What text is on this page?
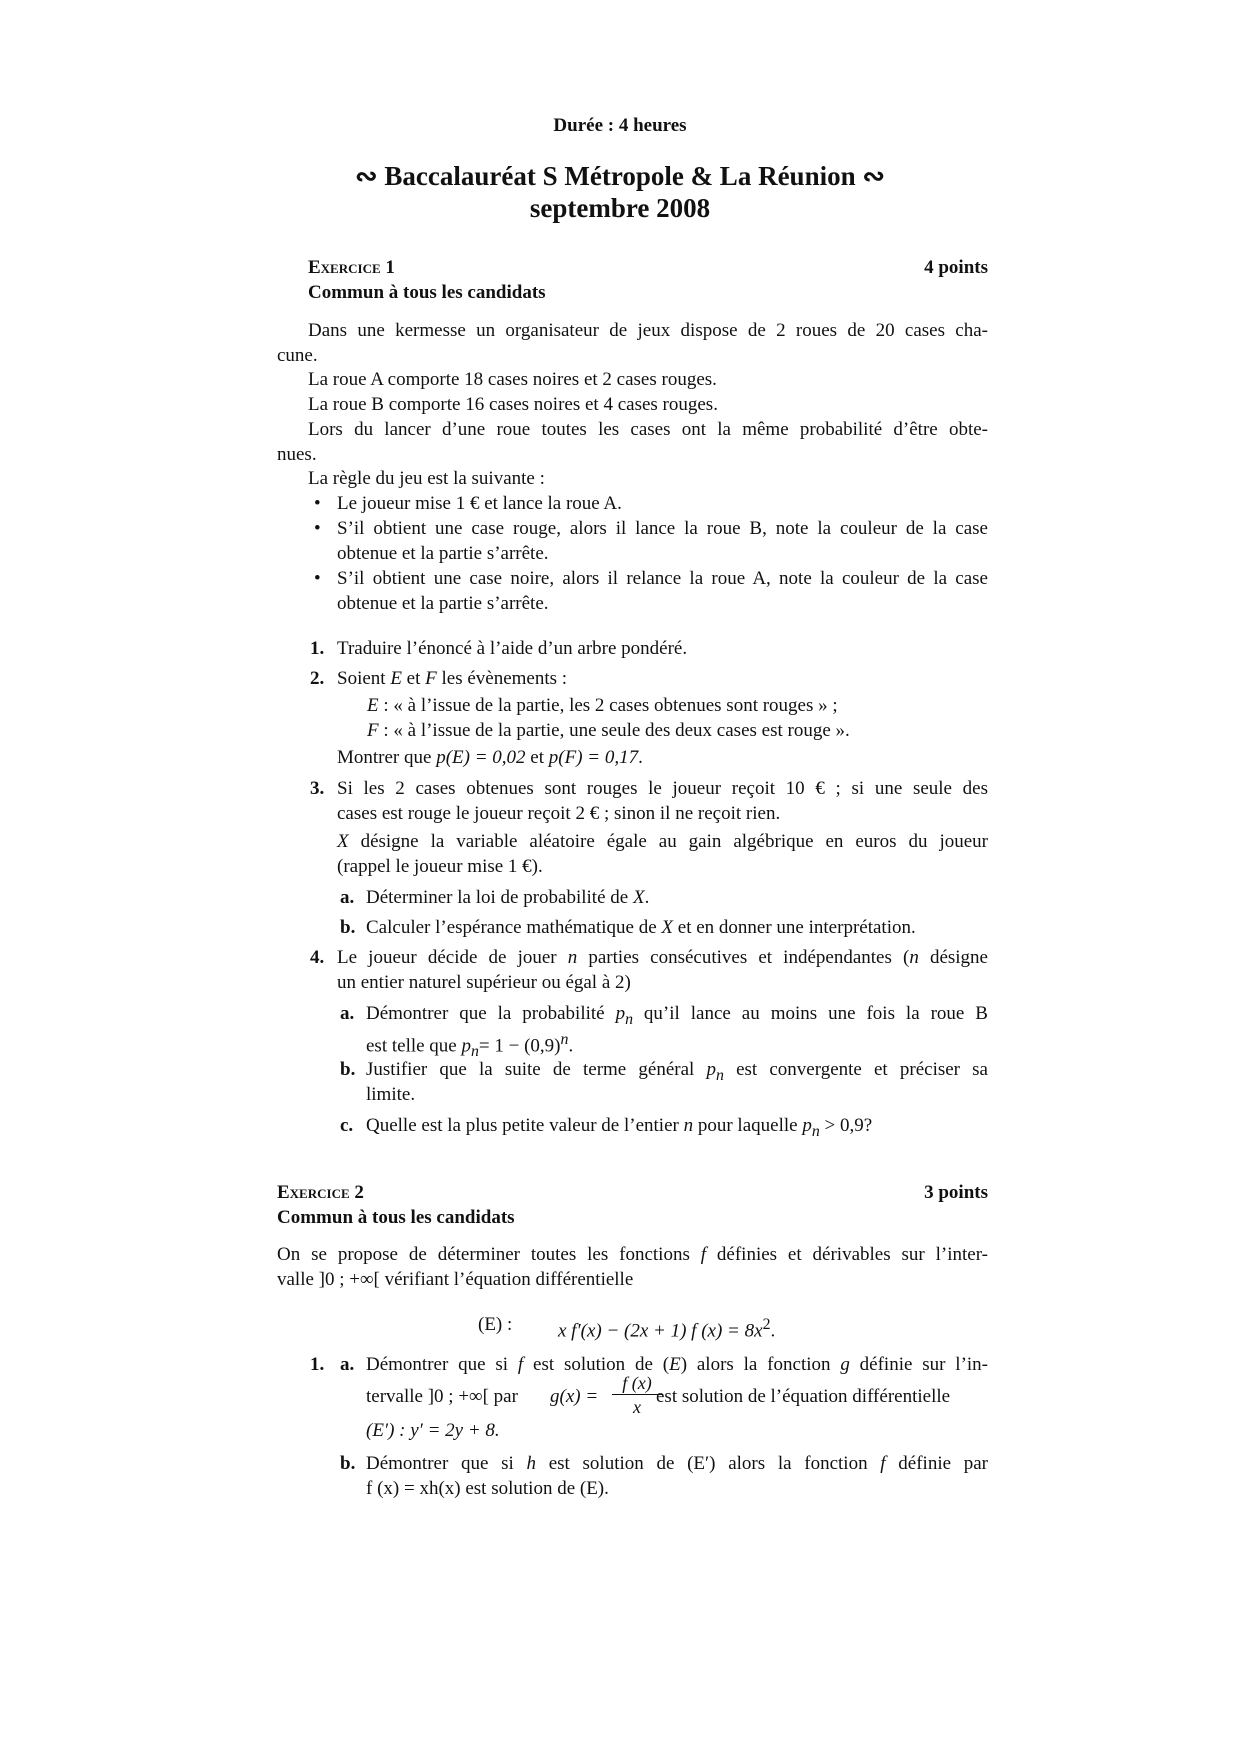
Durée : 4 heures
∾ Baccalauréat S Métropole & La Réunion ∾
septembre 2008
Exercice 1	4 points
Commun à tous les candidats
Dans une kermesse un organisateur de jeux dispose de 2 roues de 20 cases cha-
cune.
La roue A comporte 18 cases noires et 2 cases rouges.
La roue B comporte 16 cases noires et 4 cases rouges.
Lors du lancer d’une roue toutes les cases ont la même probabilité d’être obte-
nues.
La règle du jeu est la suivante :
• Le joueur mise 1 € et lance la roue A.
• S’il obtient une case rouge, alors il lance la roue B, note la couleur de la case
obtenue et la partie s’arrête.
• S’il obtient une case noire, alors il relance la roue A, note la couleur de la case
obtenue et la partie s’arrête.
1. Traduire l’énoncé à l’aide d’un arbre pondéré.
2. Soient E et F les évènements :
E : « à l’issue de la partie, les 2 cases obtenues sont rouges » ;
F : « à l’issue de la partie, une seule des deux cases est rouge ».
Montrer que p(E) = 0,02 et p(F) = 0,17.
3. Si les 2 cases obtenues sont rouges le joueur reçoit 10 € ; si une seule des
cases est rouge le joueur reçoit 2 € ; sinon il ne reçoit rien.
X désigne la variable aléatoire égale au gain algébrique en euros du joueur
(rappel le joueur mise 1 €).
a. Déterminer la loi de probabilité de X.
b. Calculer l’espérance mathématique de X et en donner une interprétation.
4. Le joueur décide de jouer n parties consécutives et indépendantes (n désigne
un entier naturel supérieur ou égal à 2)
a. Démontrer que la probabilité $p_n$ qu’il lance au moins une fois la roue B
est telle que $p_n= 1 - (0,9)^n$.
b. Justifier que la suite de terme général $p_n$ est convergente et préciser sa
limite.
c. Quelle est la plus petite valeur de l’entier n pour laquelle $p_n > 0,9$?
Exercice 2	3 points
Commun à tous les candidats
On se propose de déterminer toutes les fonctions f définies et dérivables sur l’inter-
valle ]0 ; +∞[ vérifiant l’équation différentielle
(E) : x f′(x) − (2x + 1) f $(x) = 8x^2$.
1. a. Démontrer que si f est solution de (E) alors la fonction g définie sur l’in-
tervalle ]0 ; +∞[ par g(x) =
f (x)
x est solution de l’équation différentielle
(E′) : y′ = 2y + 8.
b. Démontrer que si h est solution de (E′) alors la fonction f définie par
f (x) = xh(x) est solution de (E).
